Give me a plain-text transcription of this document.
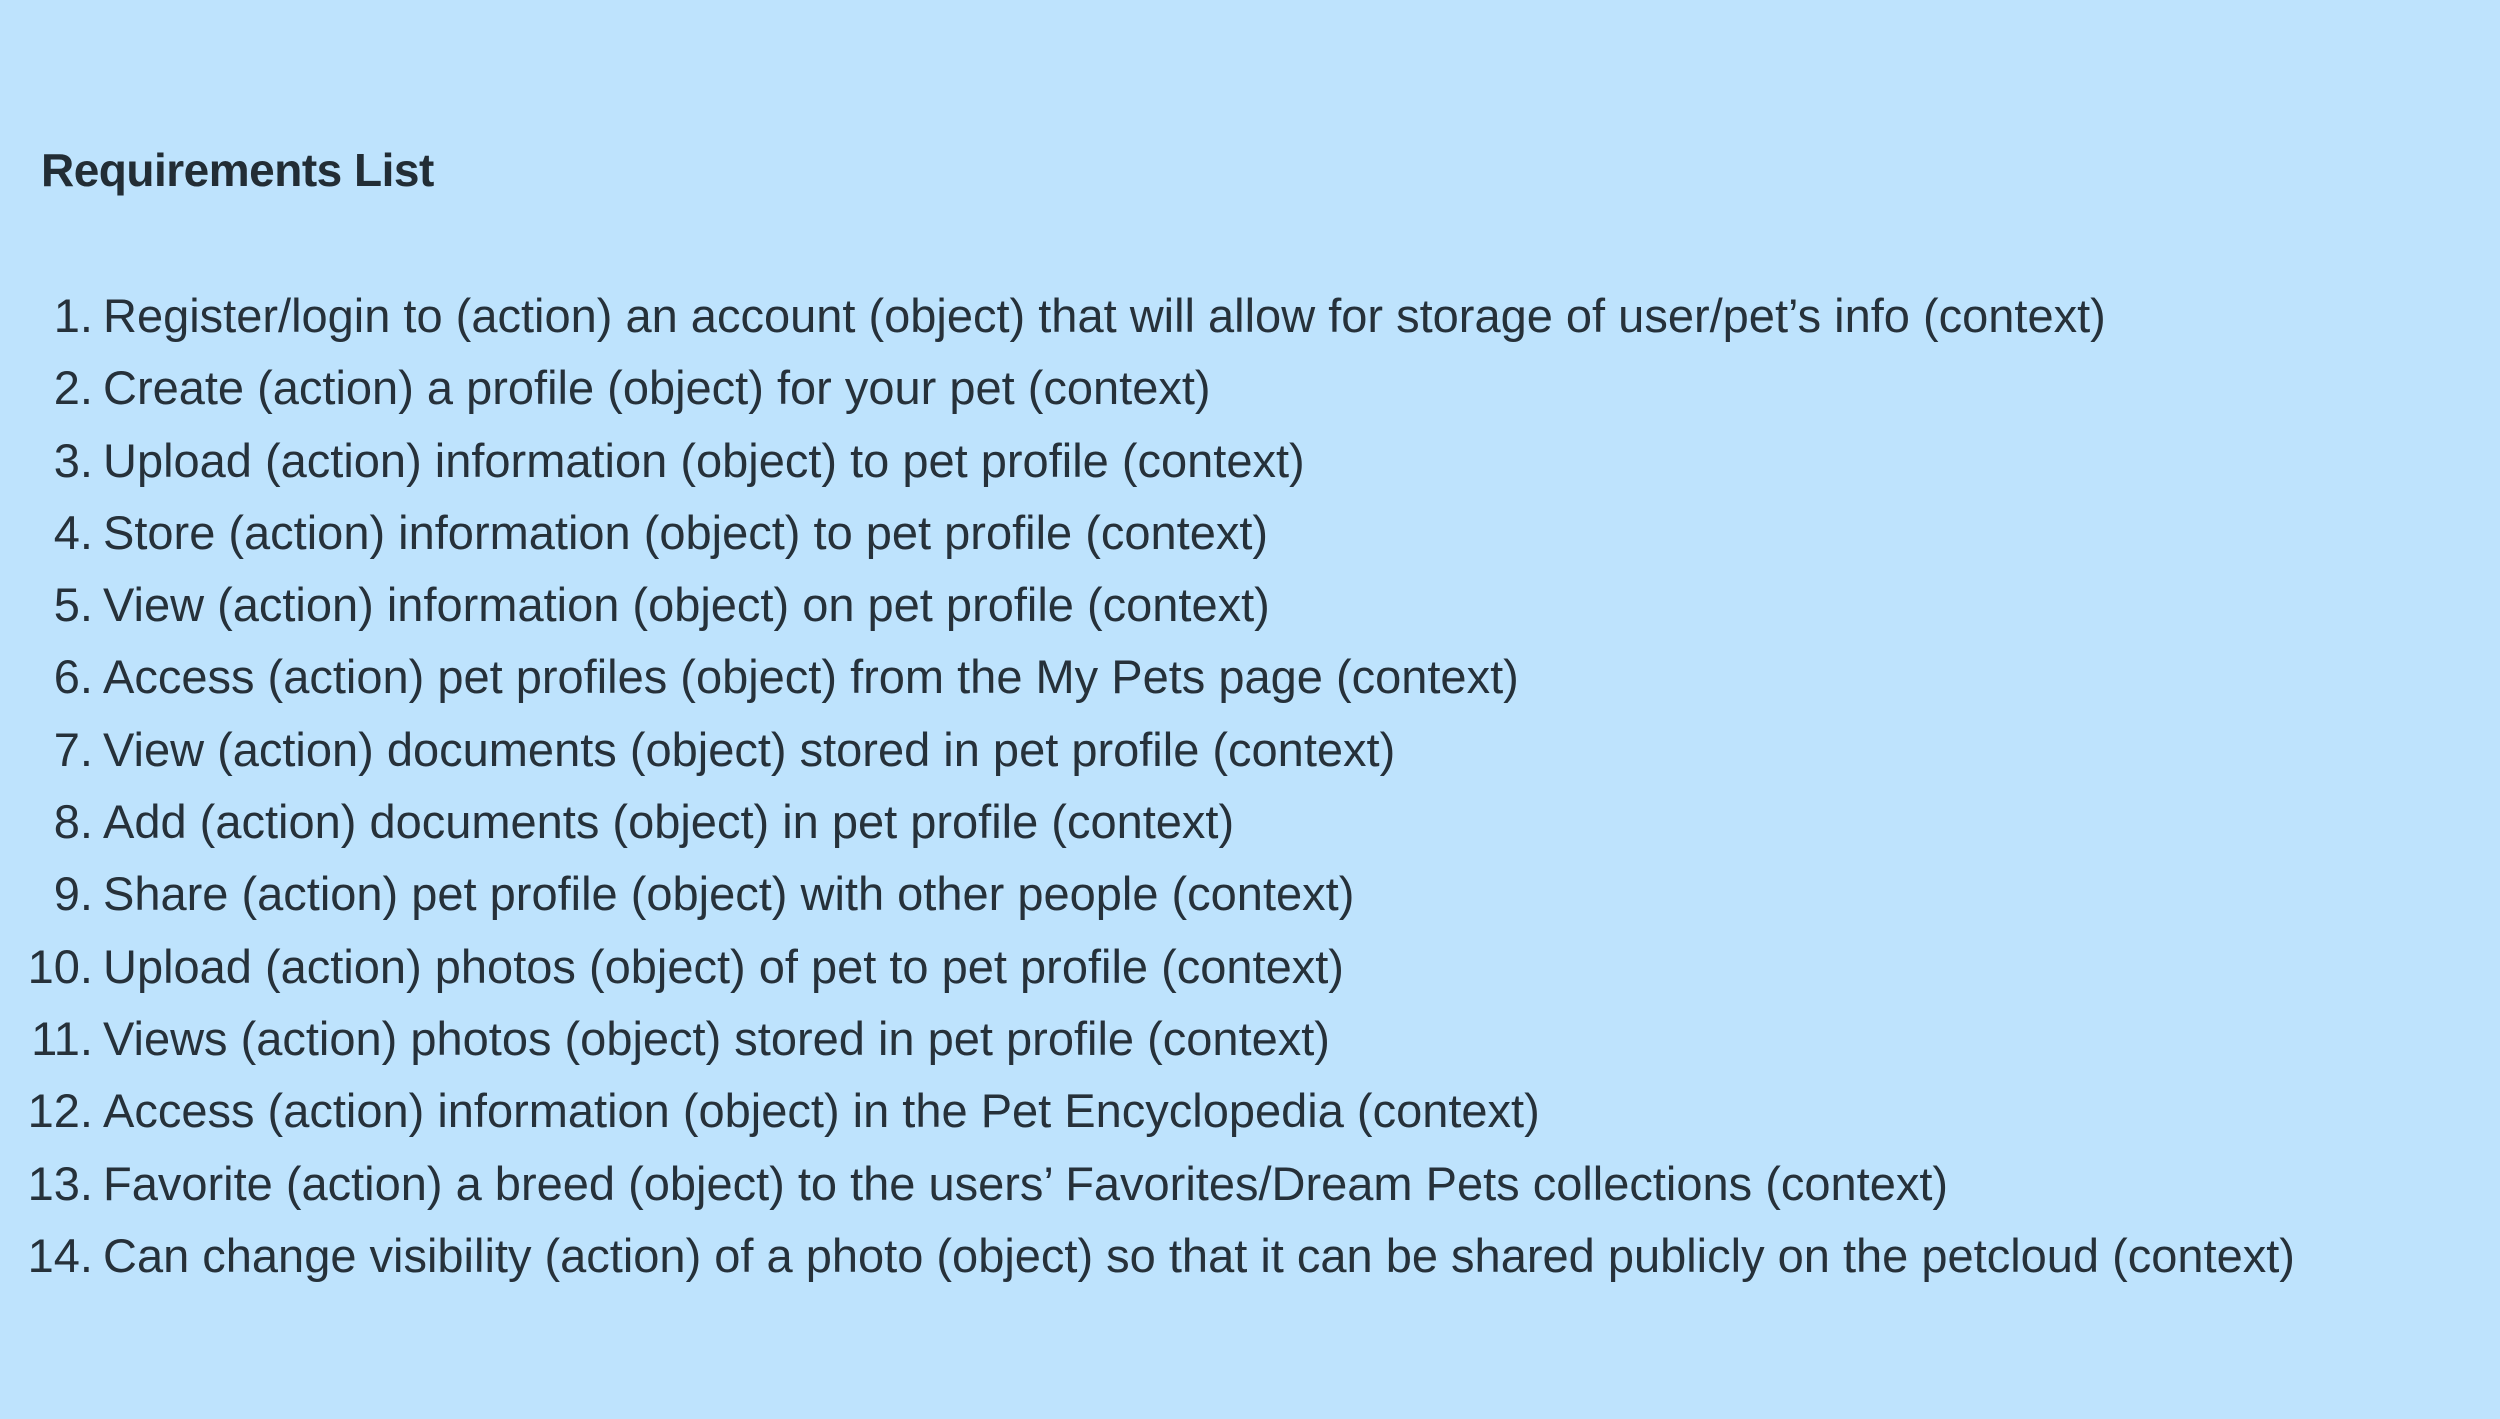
Requirements List
1. Register/login to (action) an account (object) that will allow for storage of user/pet’s info (context)
2. Create (action) a profile (object) for your pet (context)
3. Upload (action) information (object) to pet profile (context)
4. Store (action) information (object) to pet profile (context)
5. View (action) information (object) on pet profile (context)
6. Access (action) pet profiles (object) from the My Pets page (context)
7. View (action) documents (object) stored in pet profile (context)
8. Add (action) documents (object) in pet profile (context)
9. Share (action) pet profile (object) with other people (context)
10. Upload (action) photos (object) of pet to pet profile (context)
11. Views (action) photos (object) stored in pet profile (context)
12. Access (action) information (object) in the Pet Encyclopedia (context)
13. Favorite (action) a breed (object) to the users’ Favorites/Dream Pets collections (context)
14. Can change visibility (action) of a photo (object) so that it can be shared publicly on the petcloud (context)
